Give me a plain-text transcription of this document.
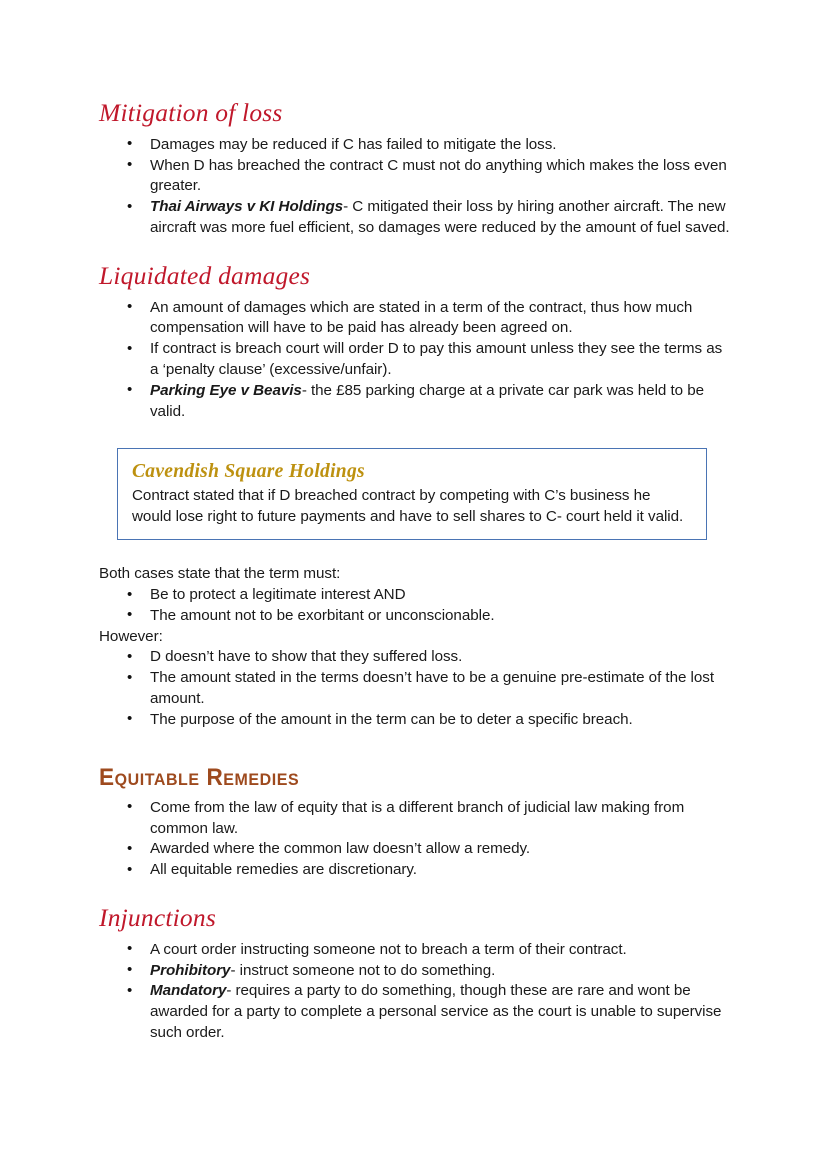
Mitigation of loss
• Damages may be reduced if C has failed to mitigate the loss.
• When D has breached the contract C must not do anything which makes the loss even greater.
• Thai Airways v KI Holdings- C mitigated their loss by hiring another aircraft. The new aircraft was more fuel efficient, so damages were reduced by the amount of fuel saved.
Liquidated damages
• An amount of damages which are stated in a term of the contract, thus how much compensation will have to be paid has already been agreed on.
• If contract is breach court will order D to pay this amount unless they see the terms as a ‘penalty clause’ (excessive/unfair).
• Parking Eye v Beavis- the £85 parking charge at a private car park was held to be valid.

Cavendish Square Holdings

Contract stated that if D breached contract by competing with C’s business he would lose right to future payments and have to sell shares to C- court held it valid.

Both cases state that the term must:

• Be to protect a legitimate interest AND
• The amount not to be exorbitant or unconscionable.

However:

• D doesn’t have to show that they suffered loss.
• The amount stated in the terms doesn’t have to be a genuine pre-estimate of the lost amount.
• The purpose of the amount in the term can be to deter a specific breach.
Equitable Remedies
• Come from the law of equity that is a different branch of judicial law making from common law.
• Awarded where the common law doesn’t allow a remedy.
• All equitable remedies are discretionary.
Injunctions
• A court order instructing someone not to breach a term of their contract.
• Prohibitory- instruct someone not to do something.
• Mandatory- requires a party to do something, though these are rare and wont be awarded for a party to complete a personal service as the court is unable to supervise such order.
